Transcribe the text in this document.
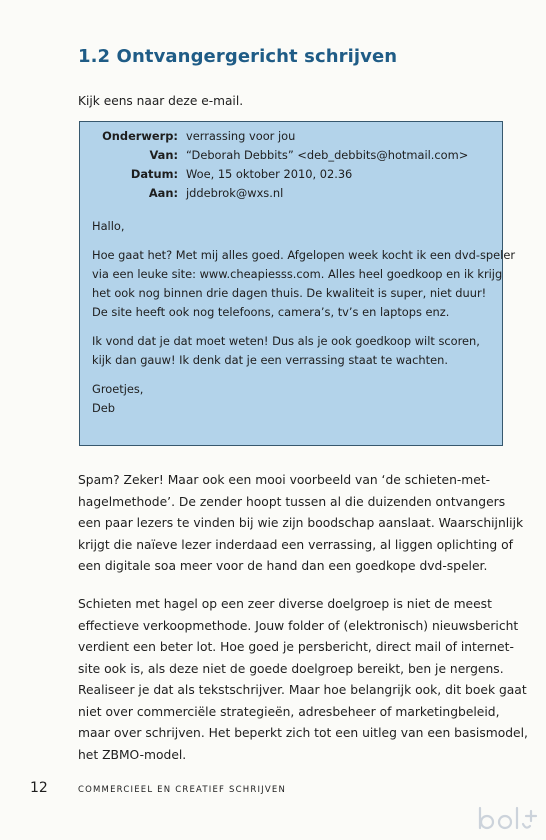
1.2 Ontvangergericht schrijven

Kijk eens naar deze e-mail.

Onderwerp:	verrassing voor jou
Van:	“Deborah Debbits” <deb_debbits@hotmail.com>
Datum:	Woe, 15 oktober 2010, 02.36
Aan:	jddebrok@wxs.nl

Hallo,

Hoe gaat het? Met mij alles goed. Afgelopen week kocht ik een dvd-speler
via een leuke site: www.cheapiesss.com. Alles heel goedkoop en ik krijg
het ook nog binnen drie dagen thuis. De kwaliteit is super, niet duur!
De site heeft ook nog telefoons, camera’s, tv’s en laptops enz.

Ik vond dat je dat moet weten! Dus als je ook goedkoop wilt scoren,
kijk dan gauw! Ik denk dat je een verrassing staat te wachten.

Groetjes,
Deb

Spam? Zeker! Maar ook een mooi voorbeeld van ‘de schieten-met-
hagelmethode’. De zender hoopt tussen al die duizenden ontvangers
een paar lezers te vinden bij wie zijn boodschap aanslaat. Waarschijnlijk
krijgt die naïeve lezer inderdaad een verrassing, al liggen oplichting of
een digitale soa meer voor de hand dan een goedkope dvd-speler.

Schieten met hagel op een zeer diverse doelgroep is niet de meest
effectieve verkoopmethode. Jouw folder of (elektronisch) nieuwsbericht
verdient een beter lot. Hoe goed je persbericht, direct mail of internet-
site ook is, als deze niet de goede doelgroep bereikt, ben je nergens.
Realiseer je dat als tekstschrijver. Maar hoe belangrijk ook, dit boek gaat
niet over commerciële strategieën, adresbeheer of marketingbeleid,
maar over schrijven. Het beperkt zich tot een uitleg van een basismodel,
het ZBMO-model.

12	COMMERCIEEL EN CREATIEF SCHRIJVEN
